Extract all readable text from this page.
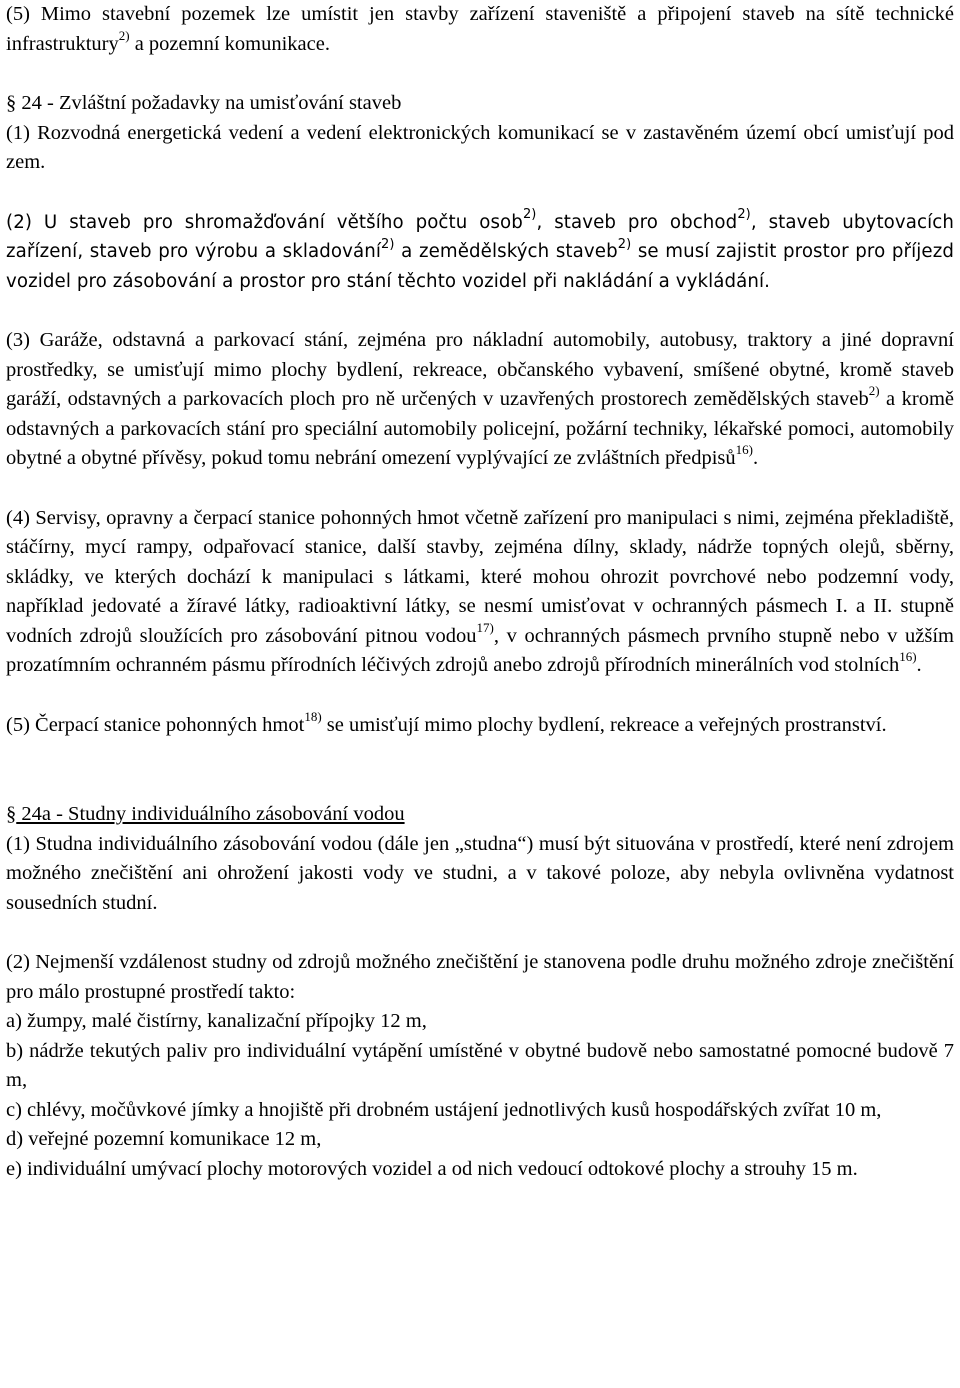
(5) Mimo stavební pozemek lze umístit jen stavby zařízení staveniště a připojení staveb na sítě technické infrastruktury$^{2)}$ a pozemní komunikace.

§ 24 - Zvláštní požadavky na umisťování staveb

(1) Rozvodná energetická vedení a vedení elektronických komunikací se v zastavěném území obcí umisťují pod zem.

(2) U staveb pro shromažďování většího počtu osob$^{2)}$, staveb pro obchod$^{2)}$, staveb ubytovacích zařízení, staveb pro výrobu a skladování$^{2)}$ a zemědělských staveb$^{2)}$ se musí zajistit prostor pro příjezd vozidel pro zásobování a prostor pro stání těchto vozidel při nakládání a vykládání.

(3) Garáže, odstavná a parkovací stání, zejména pro nákladní automobily, autobusy, traktory a jiné dopravní prostředky, se umisťují mimo plochy bydlení, rekreace, občanského vybavení, smíšené obytné, kromě staveb garáží, odstavných a parkovacích ploch pro ně určených v uzavřených prostorech zemědělských staveb$^{2)}$ a kromě odstavných a parkovacích stání pro speciální automobily policejní, požární techniky, lékařské pomoci, automobily obytné a obytné přívěsy, pokud tomu nebrání omezení vyplývající ze zvláštních předpisů$^{16)}$.

(4) Servisy, opravny a čerpací stanice pohonných hmot včetně zařízení pro manipulaci s nimi, zejména překladiště, stáčírny, mycí rampy, odpařovací stanice, další stavby, zejména dílny, sklady, nádrže topných olejů, sběrny, skládky, ve kterých dochází k manipulaci s látkami, které mohou ohrozit povrchové nebo podzemní vody, například jedovaté a žíravé látky, radioaktivní látky, se nesmí umisťovat v ochranných pásmech I. a II. stupně vodních zdrojů sloužících pro zásobování pitnou vodou$^{17)}$, v ochranných pásmech prvního stupně nebo v užším prozatímním ochranném pásmu přírodních léčivých zdrojů anebo zdrojů přírodních minerálních vod stolních$^{16)}$.

(5) Čerpací stanice pohonných hmot$^{18)}$ se umisťují mimo plochy bydlení, rekreace a veřejných prostranství.

§ 24a - Studny individuálního zásobování vodou

(1) Studna individuálního zásobování vodou (dále jen „studna“) musí být situována v prostředí, které není zdrojem možného znečištění ani ohrožení jakosti vody ve studni, a v takové poloze, aby nebyla ovlivněna vydatnost sousedních studní.

(2) Nejmenší vzdálenost studny od zdrojů možného znečištění je stanovena podle druhu možného zdroje znečištění pro málo prostupné prostředí takto:

a) žumpy, malé čistírny, kanalizační přípojky 12 m,

b) nádrže tekutých paliv pro individuální vytápění umístěné v obytné budově nebo samostatné pomocné budově 7 m,

c) chlévy, močůvkové jímky a hnojiště při drobném ustájení jednotlivých kusů hospodářských zvířat 10 m,

d) veřejné pozemní komunikace 12 m,

e) individuální umývací plochy motorových vozidel a od nich vedoucí odtokové plochy a strouhy 15 m.
